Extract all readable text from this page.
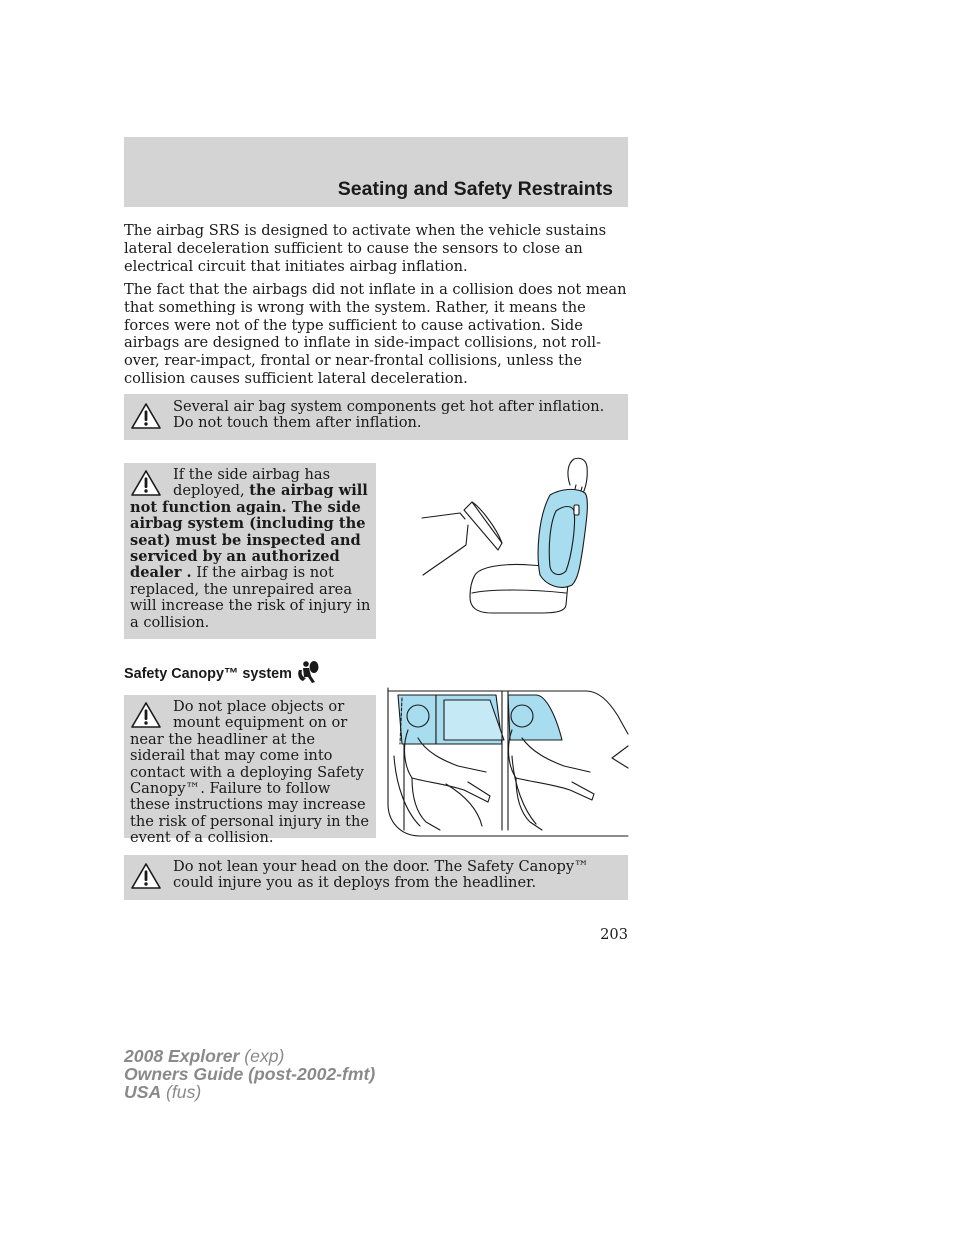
Seating and Safety Restraints

The airbag SRS is designed to activate when the vehicle sustains lateral deceleration sufficient to cause the sensors to close an electrical circuit that initiates airbag inflation.

The fact that the airbags did not inflate in a collision does not mean that something is wrong with the system. Rather, it means the forces were not of the type sufficient to cause activation. Side airbags are designed to inflate in side-impact collisions, not roll-over, rear-impact, frontal or near-frontal collisions, unless the collision causes sufficient lateral deceleration.

Several air bag system components get hot after inflation. Do not touch them after inflation.

If the side airbag has deployed, the airbag will not function again. The side airbag system (including the seat) must be inspected and serviced by an authorized dealer . If the airbag is not replaced, the unrepaired area will increase the risk of injury in a collision.

Safety Canopy™ system

Do not place objects or mount equipment on or near the headliner at the siderail that may come into contact with a deploying Safety Canopy™. Failure to follow these instructions may increase the risk of personal injury in the event of a collision.

Do not lean your head on the door. The Safety Canopy™ could injure you as it deploys from the headliner.

203
2008 Explorer (exp)
Owners Guide (post-2002-fmt)
USA (fus)
